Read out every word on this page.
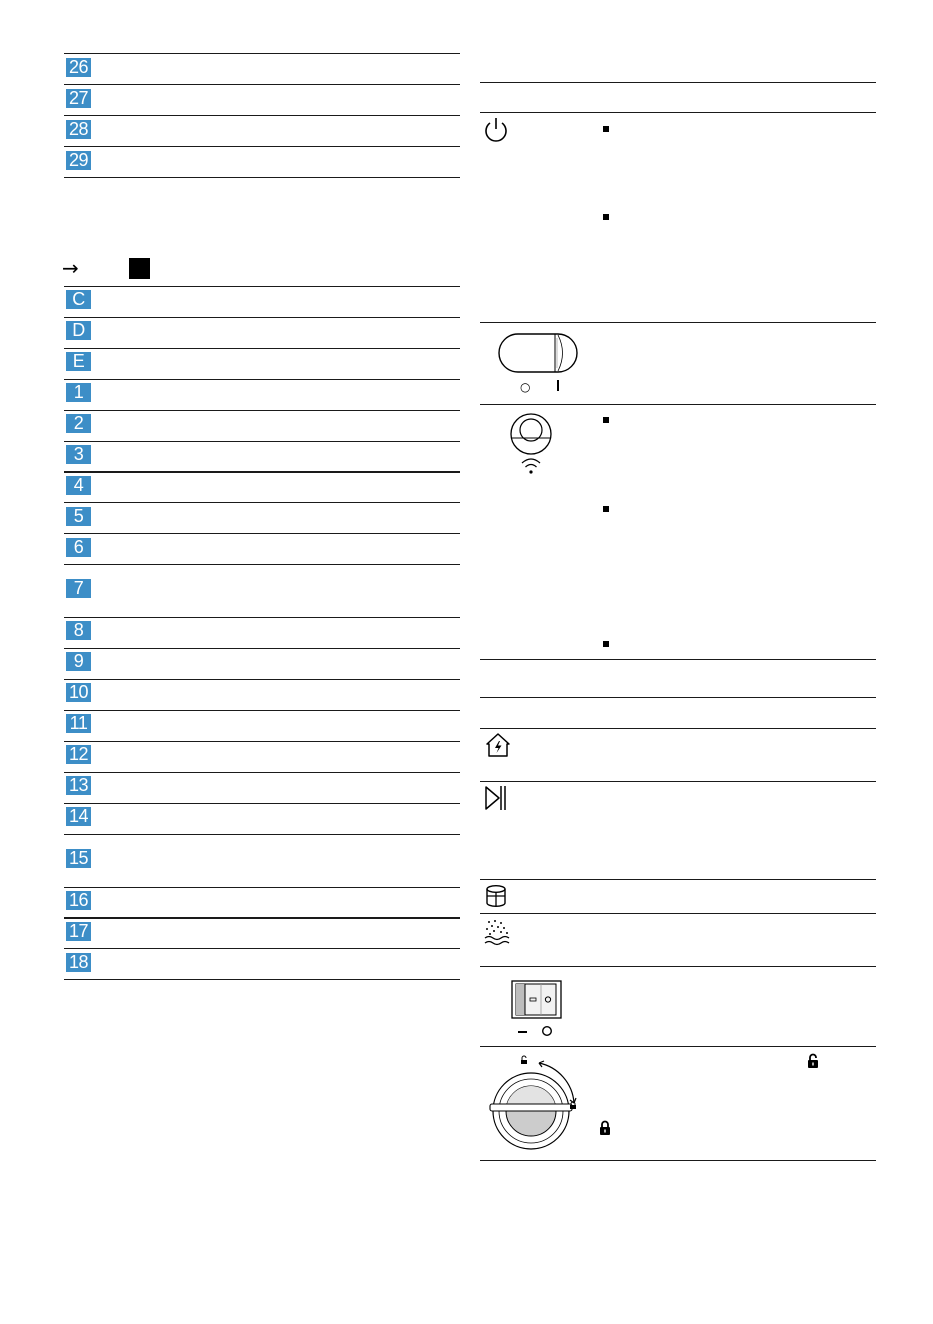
26
27
28
29
→
C
D
E
1
2
3
4
5
6
7
8
9
10
11
12
13
14
15
16
17
18
○
